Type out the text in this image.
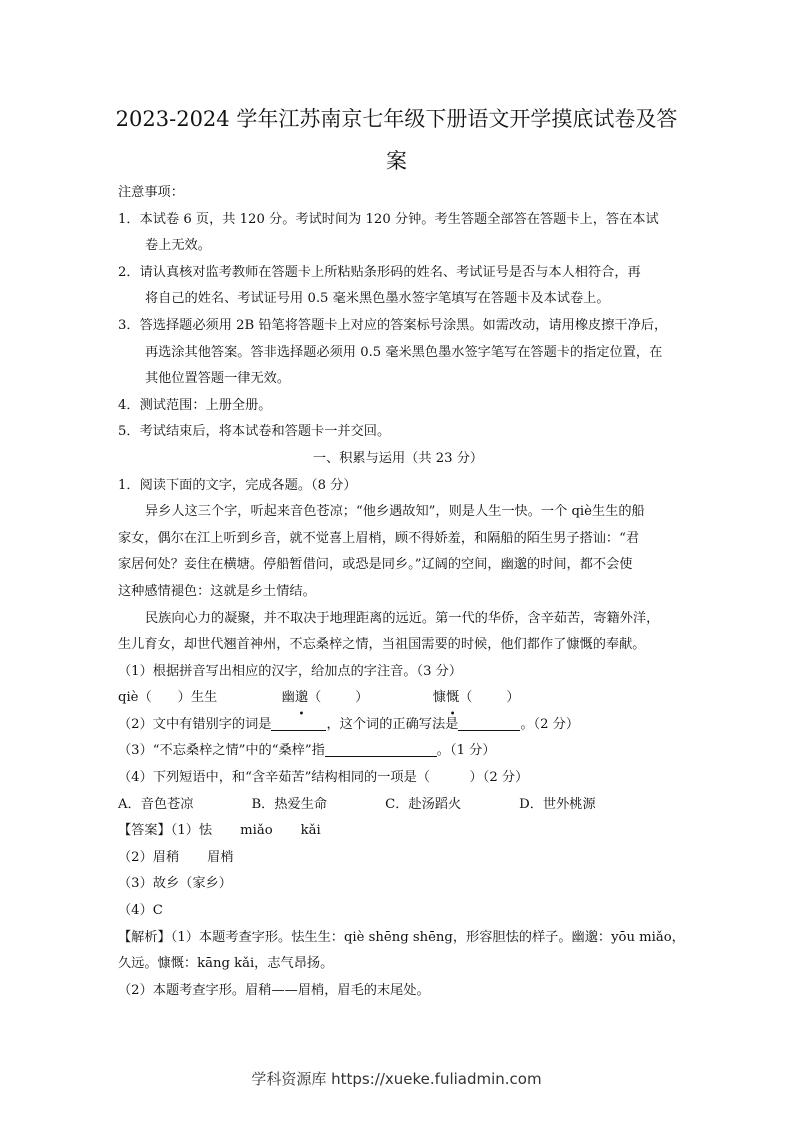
2023-2024 学年江苏南京七年级下册语文开学摸底试卷及答
案
注意事项：
1．本试卷 6 页，共 120 分。考试时间为 120 分钟。考生答题全部答在答题卡上，答在本试
卷上无效。
2．请认真核对监考教师在答题卡上所粘贴条形码的姓名、考试证号是否与本人相符合，再
将自己的姓名、考试证号用 0.5 毫米黑色墨水签字笔填写在答题卡及本试卷上。
3．答选择题必须用 2B 铅笔将答题卡上对应的答案标号涂黑。如需改动，请用橡皮擦干净后，
再选涂其他答案。答非选择题必须用 0.5 毫米黑色墨水签字笔写在答题卡的指定位置，在
其他位置答题一律无效。
4．测试范围：上册全册。
5．考试结束后，将本试卷和答题卡一并交回。
一、积累与运用（共 23 分）
1．阅读下面的文字，完成各题。（8 分）
异乡人这三个字，听起来音色苍凉；“他乡遇故知”，则是人生一快。一个 qiè生生的船
家女，偶尔在江上听到乡音，就不觉喜上眉梢，顾不得娇羞，和隔船的陌生男子搭讪：“君
家居何处？妾住在横塘。停船暂借问，或恐是同乡。”辽阔的空间，幽邈的时间，都不会使
这种感情褪色：这就是乡土情结。
民族向心力的凝聚，并不取决于地理距离的远近。第一代的华侨，含辛茹苦，寄籍外洋，
生儿育女，却世代翘首神州，不忘桑梓之情，当祖国需要的时候，他们都作了慷慨的奉献。
（1）根据拼音写出相应的汉字，给加点的字注音。（3 分）
qiè（ ）生生	幽邈（	）	慷慨（	）
（2）文中有错别字的词是	，这个词的正确写法是	。（2 分）
（3）“不忘桑梓之情”中的“桑梓”指	。（1 分）
（4）下列短语中，和“含辛茹苦”结构相同的一项是（　　　）（2 分）
A．音色苍凉	B．热爱生命	C．赴汤蹈火	D．世外桃源
【答案】（1）怯 miǎo kǎi
（2）眉稍 眉梢
（3）故乡（家乡）
（4）C
【解析】（1）本题考查字形。怯生生：qiè shēng shēng，形容胆怯的样子。幽邈：yōu miǎo，
久远。慷慨：kāng kǎi，志气昂扬。
（2）本题考查字形。眉稍——眉梢，眉毛的末尾处。
学科资源库 https://xueke.fuliadmin.com
